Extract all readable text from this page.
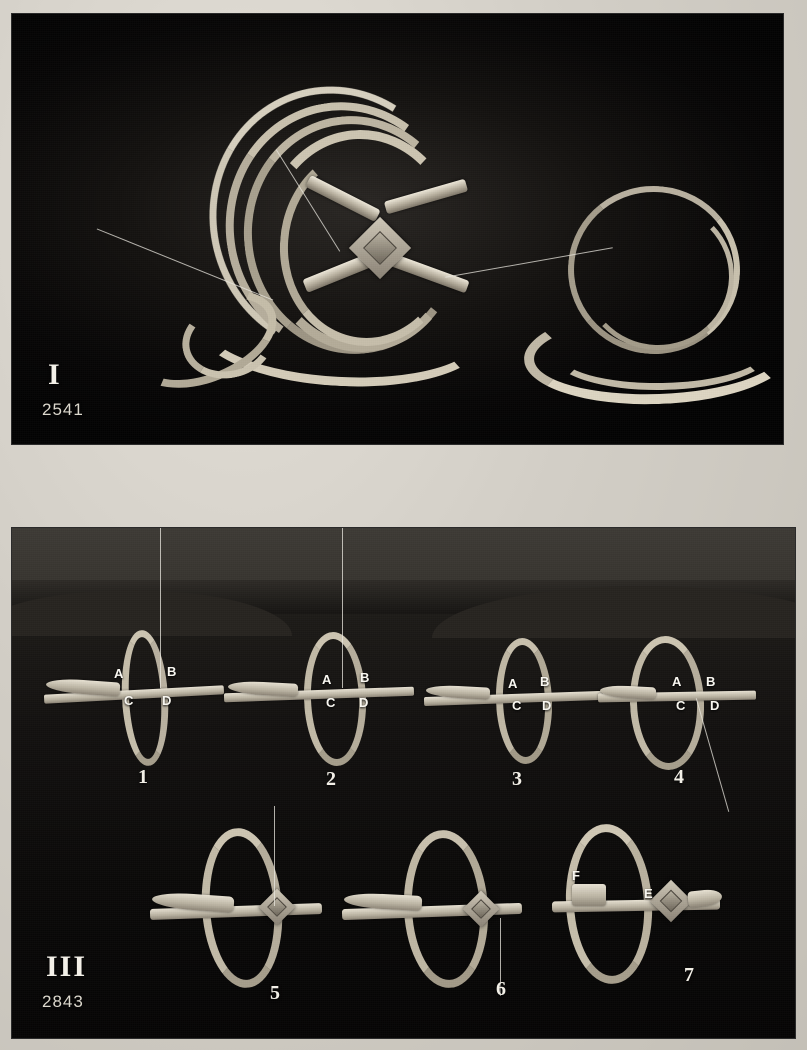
I
2541
A	B
C D
1
A B
C D
2
A B
C D
3
A B
C D
4
5	6
F
E
7
III
2843
